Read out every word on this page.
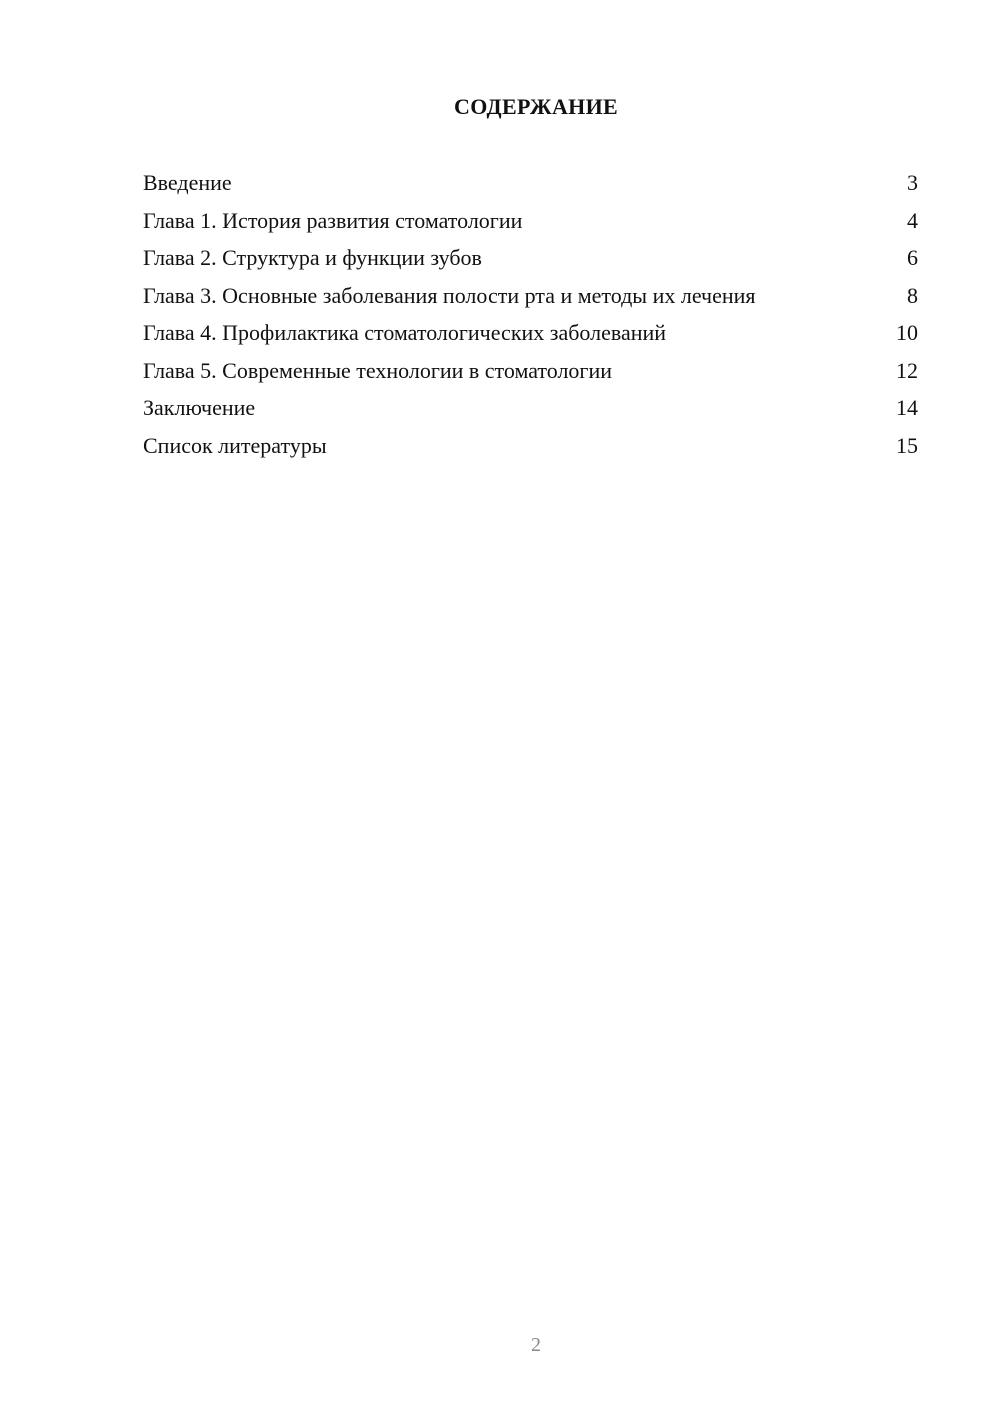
СОДЕРЖАНИЕ
Введение	3
Глава 1. История развития стоматологии	4
Глава 2. Структура и функции зубов	6
Глава 3. Основные заболевания полости рта и методы их лечения	8
Глава 4. Профилактика стоматологических заболеваний	10
Глава 5. Современные технологии в стоматологии	12
Заключение	14
Список литературы	15
2
